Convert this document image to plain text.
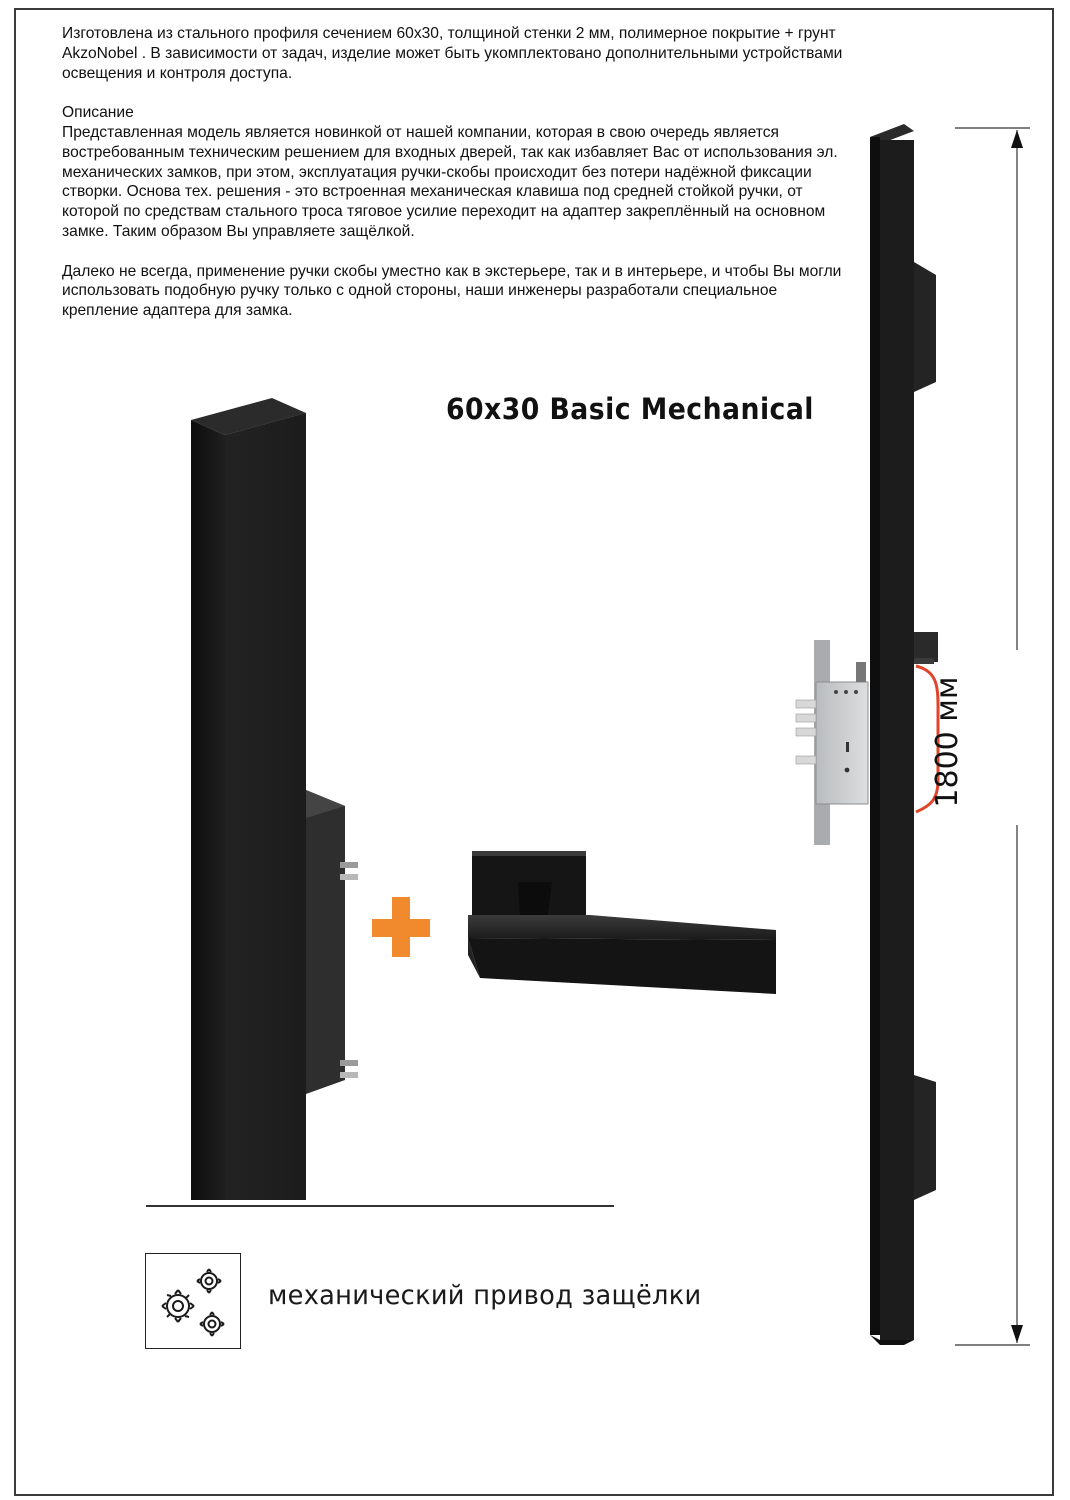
Изготовлена из стального профиля сечением 60х30, толщиной стенки 2 мм, полимерное покрытие + грунт AkzoNobel . В зависимости от задач, изделие может быть укомплектовано дополнительными устройствами освещения и контроля доступа.

Описание
Представленная модель является новинкой от нашей компании, которая в свою очередь является востребованным техническим решением для входных дверей, так как избавляет Вас от использования эл. механических замков, при этом, эксплуатация ручки-скобы происходит без потери надёжной фиксации створки. Основа тех. решения - это встроенная механическая клавиша под средней стойкой ручки, от которой по средствам стального троса тяговое усилие переходит на адаптер закреплённый на основном замке. Таким образом Вы управляете защёлкой.

Далеко не всегда, применение ручки скобы уместно как в экстерьере, так и в интерьере, и чтобы Вы могли использовать подобную ручку только с одной стороны, наши инженеры разработали специальное крепление адаптера для замка.

60x30 Basic Mechanical
1800 мм
механический привод защёлки
